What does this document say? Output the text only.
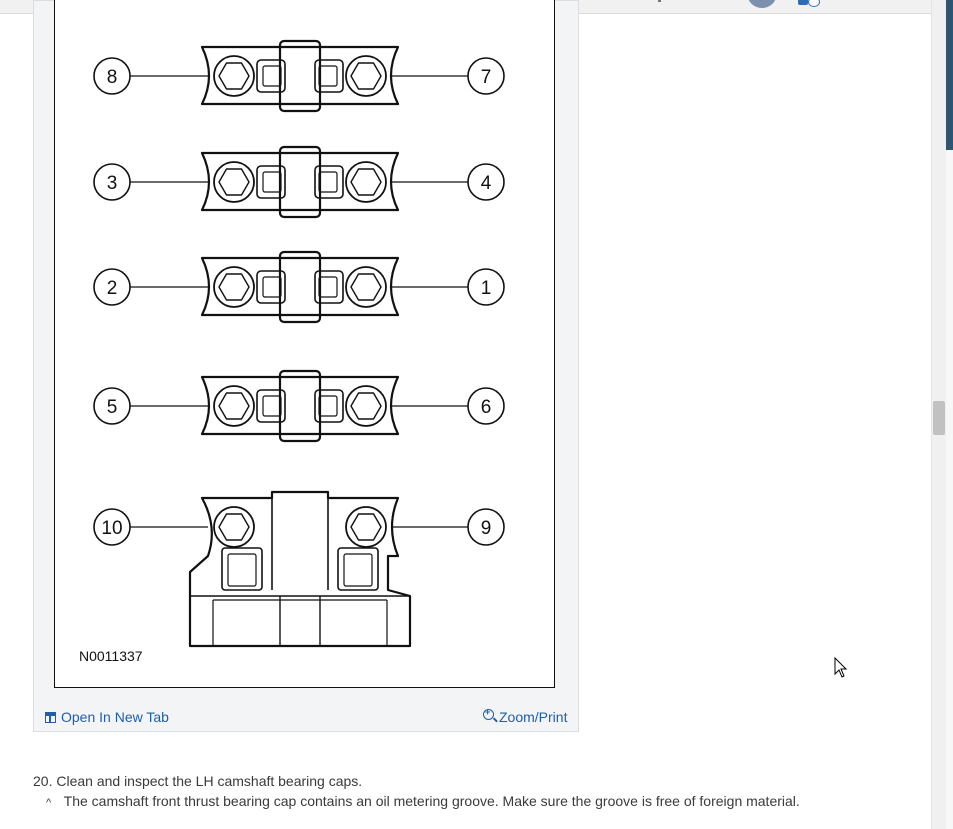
8	7
3	4
2	1
5	6
10	9
N0011337
Open In New Tab +	Zoom/Print
20. Clean and inspect the LH camshaft bearing caps.
^ The camshaft front thrust bearing cap contains an oil metering groove. Make sure the groove is free of foreign material.
